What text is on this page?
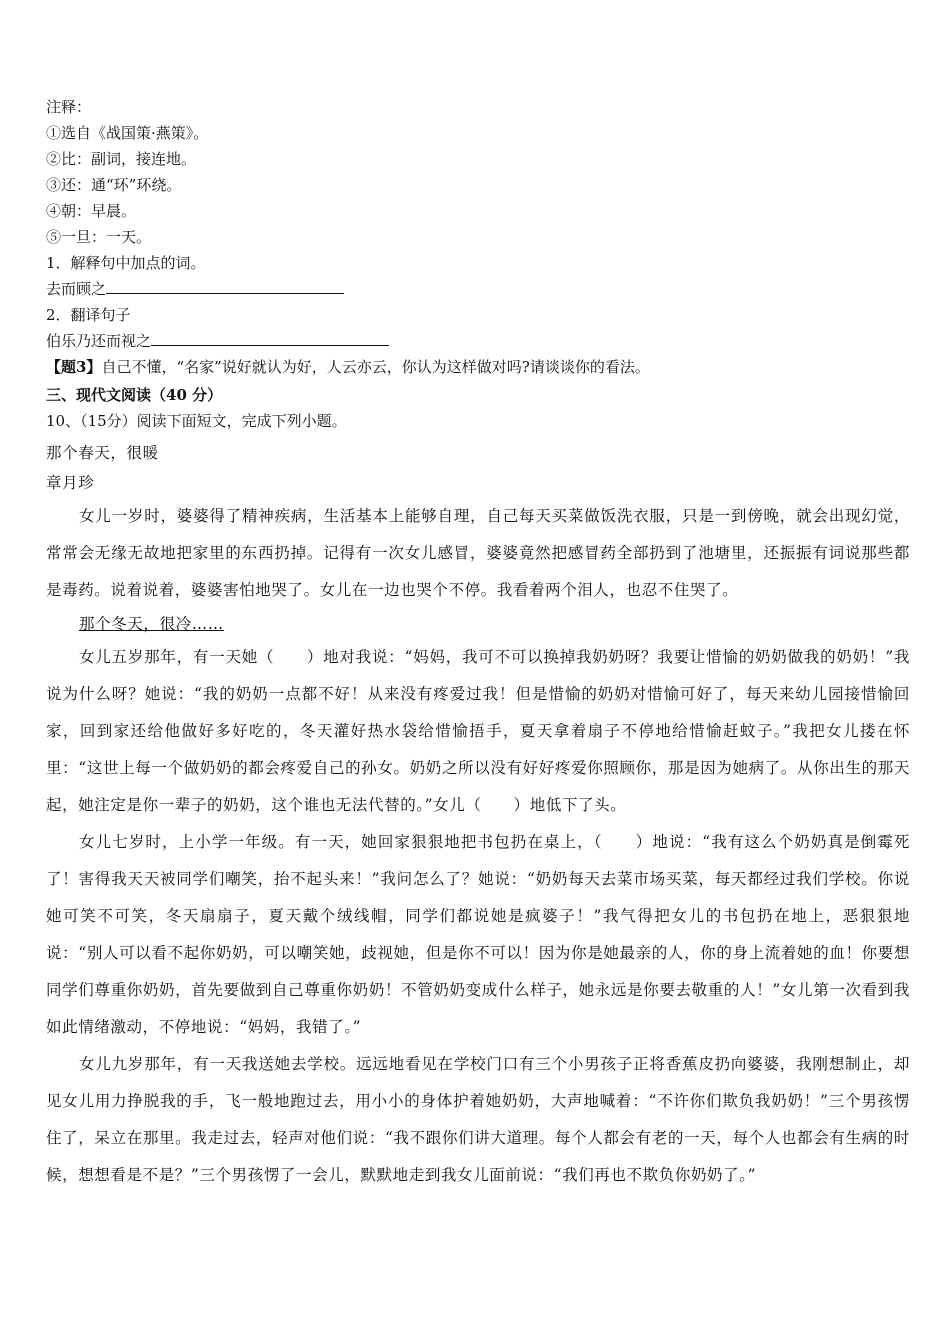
注释：
①选自《战国策·燕策》。
②比：副词，接连地。
③还：通“环”环绕。
④朝：早晨。
⑤一旦：一天。
1．解释句中加点的词。
去而顾之
2．翻译句子
伯乐乃还而视之
【题3】自己不懂，“名家”说好就认为好，人云亦云，你认为这样做对吗?请谈谈你的看法。
三、现代文阅读（40 分）
10、（15分）阅读下面短文，完成下列小题。

那个春天，很暖

章月珍

女儿一岁时，婆婆得了精神疾病，生活基本上能够自理，自己每天买菜做饭洗衣服，只是一到傍晚，就会出现幻觉，常常会无缘无故地把家里的东西扔掉。记得有一次女儿感冒，婆婆竟然把感冒药全部扔到了池塘里，还振振有词说那些都是毒药。说着说着，婆婆害怕地哭了。女儿在一边也哭个不停。我看着两个泪人，也忍不住哭了。

那个冬天，很冷……

女儿五岁那年，有一天她（　　）地对我说：“妈妈，我可不可以换掉我奶奶呀？我要让惜愉的奶奶做我的奶奶！”我说为什么呀？她说：“我的奶奶一点都不好！从来没有疼爱过我！但是惜愉的奶奶对惜愉可好了，每天来幼儿园接惜愉回家，回到家还给他做好多好吃的，冬天灌好热水袋给惜愉捂手，夏天拿着扇子不停地给惜愉赶蚊子。”我把女儿搂在怀里：“这世上每一个做奶奶的都会疼爱自己的孙女。奶奶之所以没有好好疼爱你照顾你，那是因为她病了。从你出生的那天起，她注定是你一辈子的奶奶，这个谁也无法代替的。”女儿（　　）地低下了头。

女儿七岁时，上小学一年级。有一天，她回家狠狠地把书包扔在桌上，（　　）地说：“我有这么个奶奶真是倒霉死了！害得我天天被同学们嘲笑，抬不起头来！”我问怎么了？她说：“奶奶每天去菜市场买菜，每天都经过我们学校。你说她可笑不可笑，冬天扇扇子，夏天戴个绒线帽，同学们都说她是疯婆子！”我气得把女儿的书包扔在地上，恶狠狠地说：“别人可以看不起你奶奶，可以嘲笑她，歧视她，但是你不可以！因为你是她最亲的人，你的身上流着她的血！你要想同学们尊重你奶奶，首先要做到自己尊重你奶奶！不管奶奶变成什么样子，她永远是你要去敬重的人！”女儿第一次看到我如此情绪激动，不停地说：“妈妈，我错了。”

女儿九岁那年，有一天我送她去学校。远远地看见在学校门口有三个小男孩子正将香蕉皮扔向婆婆，我刚想制止，却见女儿用力挣脱我的手，飞一般地跑过去，用小小的身体护着她奶奶，大声地喊着：“不许你们欺负我奶奶！”三个男孩愣住了，呆立在那里。我走过去，轻声对他们说：“我不跟你们讲大道理。每个人都会有老的一天，每个人也都会有生病的时候，想想看是不是？”三个男孩愣了一会儿，默默地走到我女儿面前说：“我们再也不欺负你奶奶了。”
